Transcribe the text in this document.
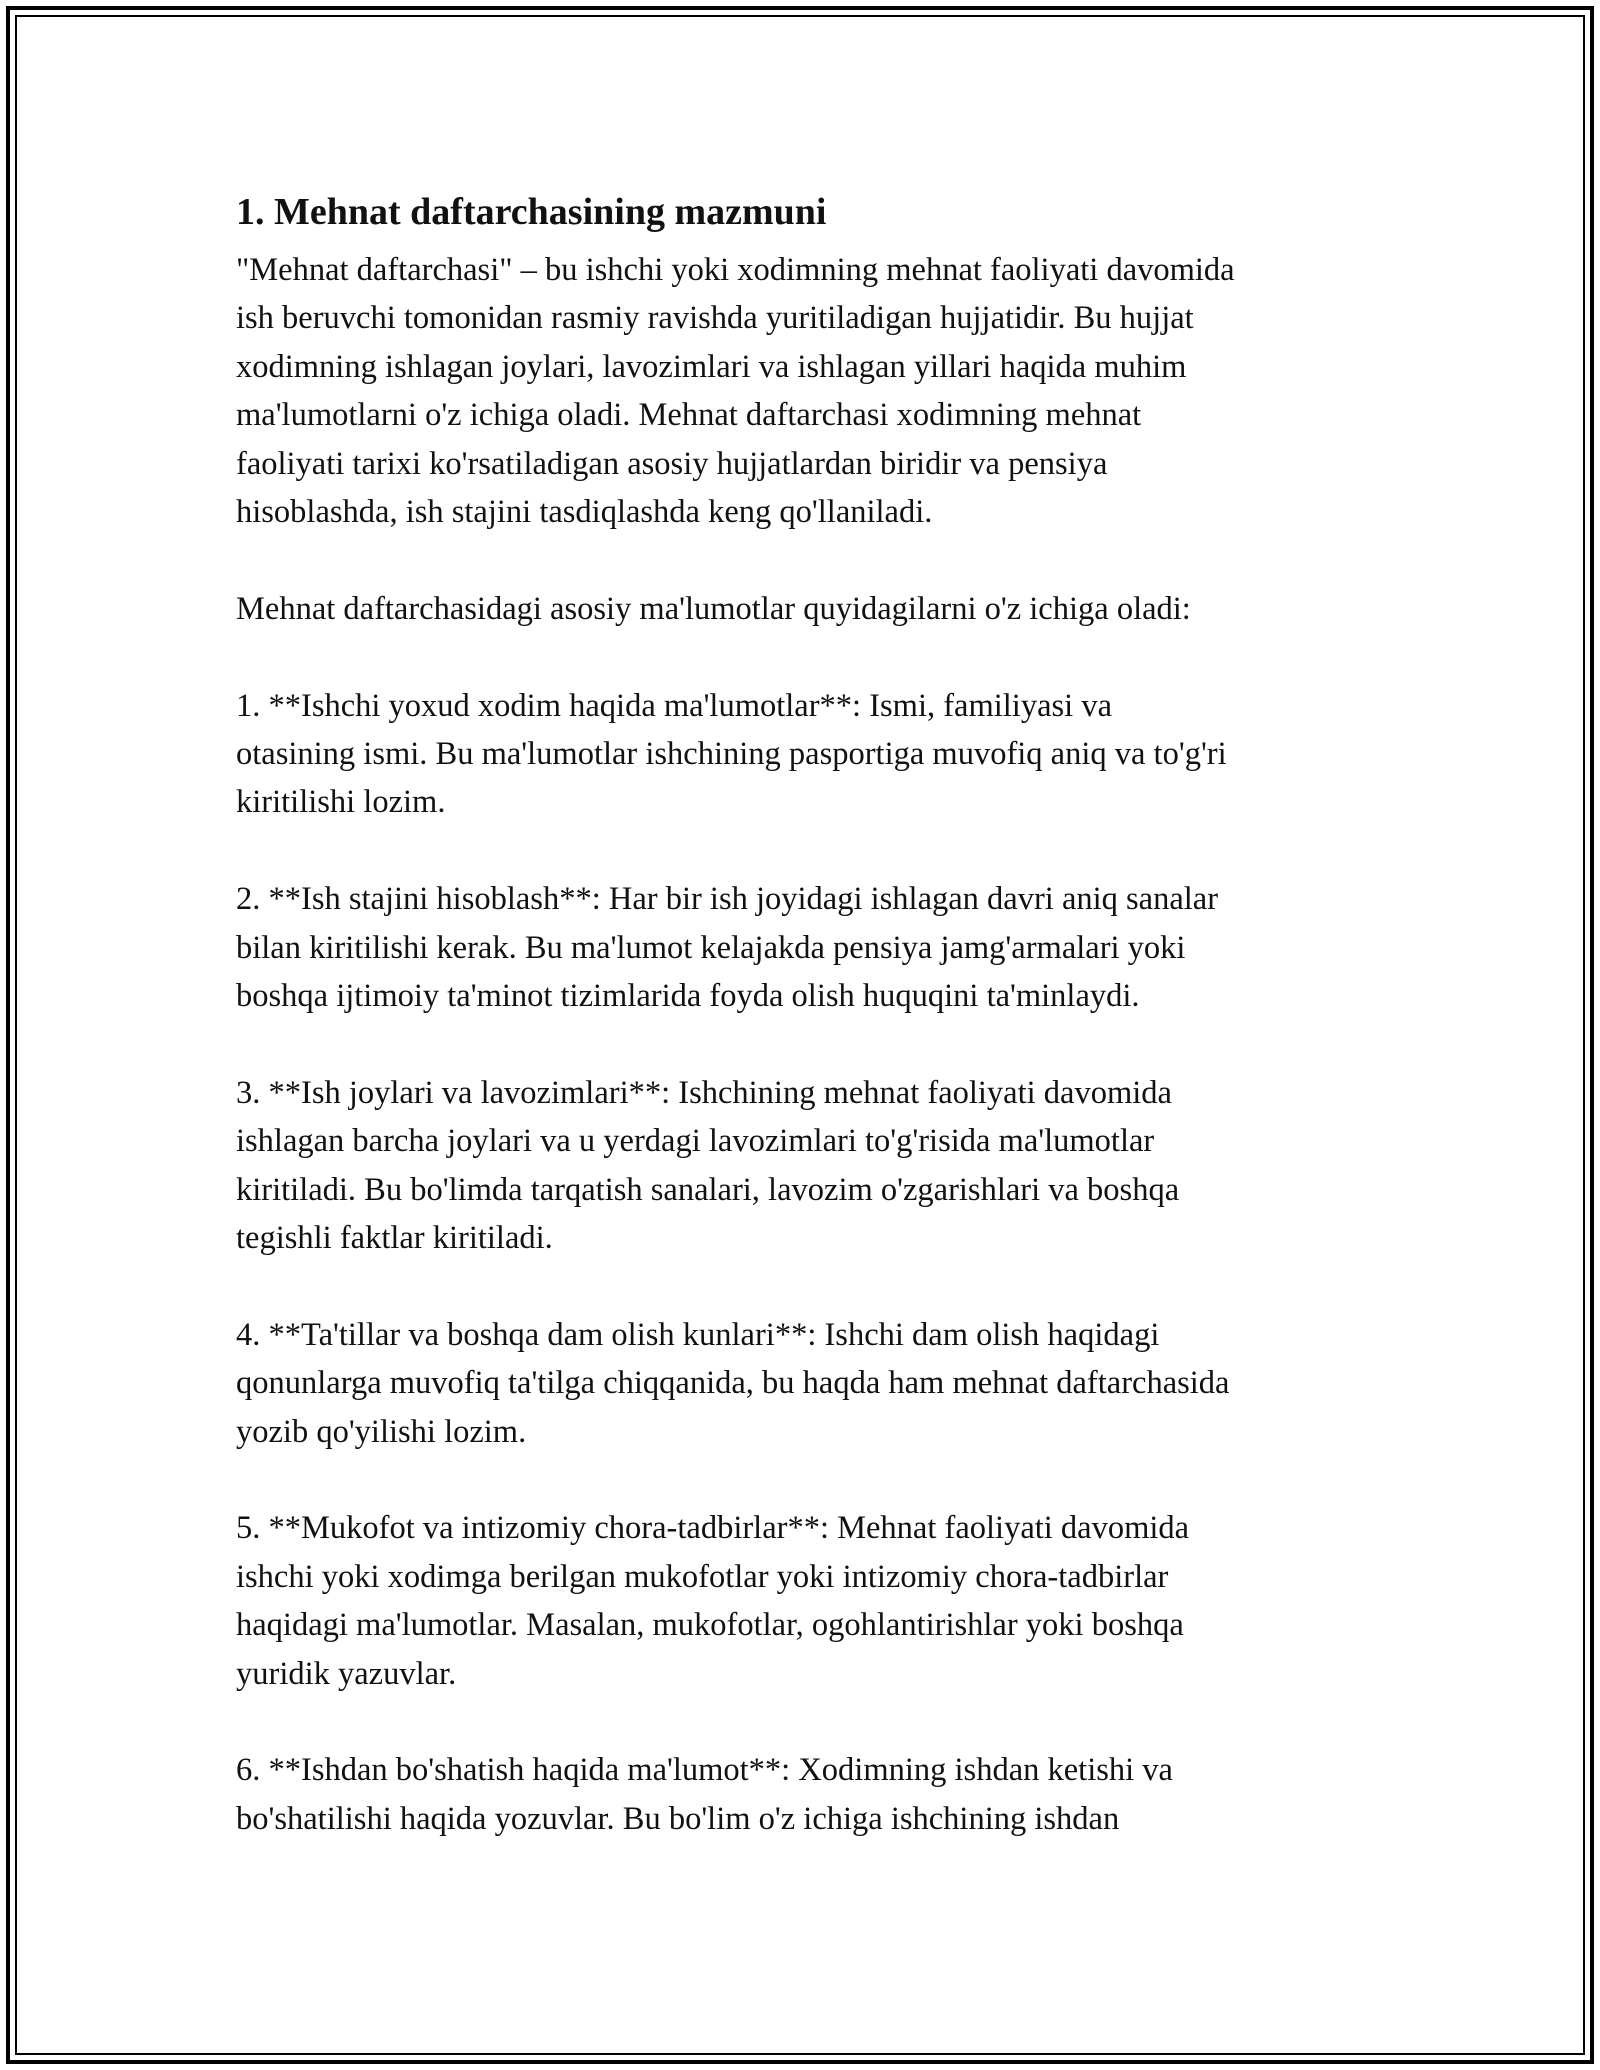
1. Mehnat daftarchasining mazmuni
"Mehnat daftarchasi" – bu ishchi yoki xodimning mehnat faoliyati davomida
ish beruvchi tomonidan rasmiy ravishda yuritiladigan hujjatidir. Bu hujjat
xodimning ishlagan joylari, lavozimlari va ishlagan yillari haqida muhim
ma'lumotlarni o'z ichiga oladi. Mehnat daftarchasi xodimning mehnat
faoliyati tarixi ko'rsatiladigan asosiy hujjatlardan biridir va pensiya
hisoblashda, ish stajini tasdiqlashda keng qo'llaniladi.
Mehnat daftarchasidagi asosiy ma'lumotlar quyidagilarni o'z ichiga oladi:
1. **Ishchi yoxud xodim haqida ma'lumotlar**: Ismi, familiyasi va
otasining ismi. Bu ma'lumotlar ishchining pasportiga muvofiq aniq va to'g'ri
kiritilishi lozim.
2. **Ish stajini hisoblash**: Har bir ish joyidagi ishlagan davri aniq sanalar
bilan kiritilishi kerak. Bu ma'lumot kelajakda pensiya jamg'armalari yoki
boshqa ijtimoiy ta'minot tizimlarida foyda olish huquqini ta'minlaydi.
3. **Ish joylari va lavozimlari**: Ishchining mehnat faoliyati davomida
ishlagan barcha joylari va u yerdagi lavozimlari to'g'risida ma'lumotlar
kiritiladi. Bu bo'limda tarqatish sanalari, lavozim o'zgarishlari va boshqa
tegishli faktlar kiritiladi.
4. **Ta'tillar va boshqa dam olish kunlari**: Ishchi dam olish haqidagi
qonunlarga muvofiq ta'tilga chiqqanida, bu haqda ham mehnat daftarchasida
yozib qo'yilishi lozim.
5. **Mukofot va intizomiy chora-tadbirlar**: Mehnat faoliyati davomida
ishchi yoki xodimga berilgan mukofotlar yoki intizomiy chora-tadbirlar
haqidagi ma'lumotlar. Masalan, mukofotlar, ogohlantirishlar yoki boshqa
yuridik yazuvlar.
6. **Ishdan bo'shatish haqida ma'lumot**: Xodimning ishdan ketishi va
bo'shatilishi haqida yozuvlar. Bu bo'lim o'z ichiga ishchining ishdan
